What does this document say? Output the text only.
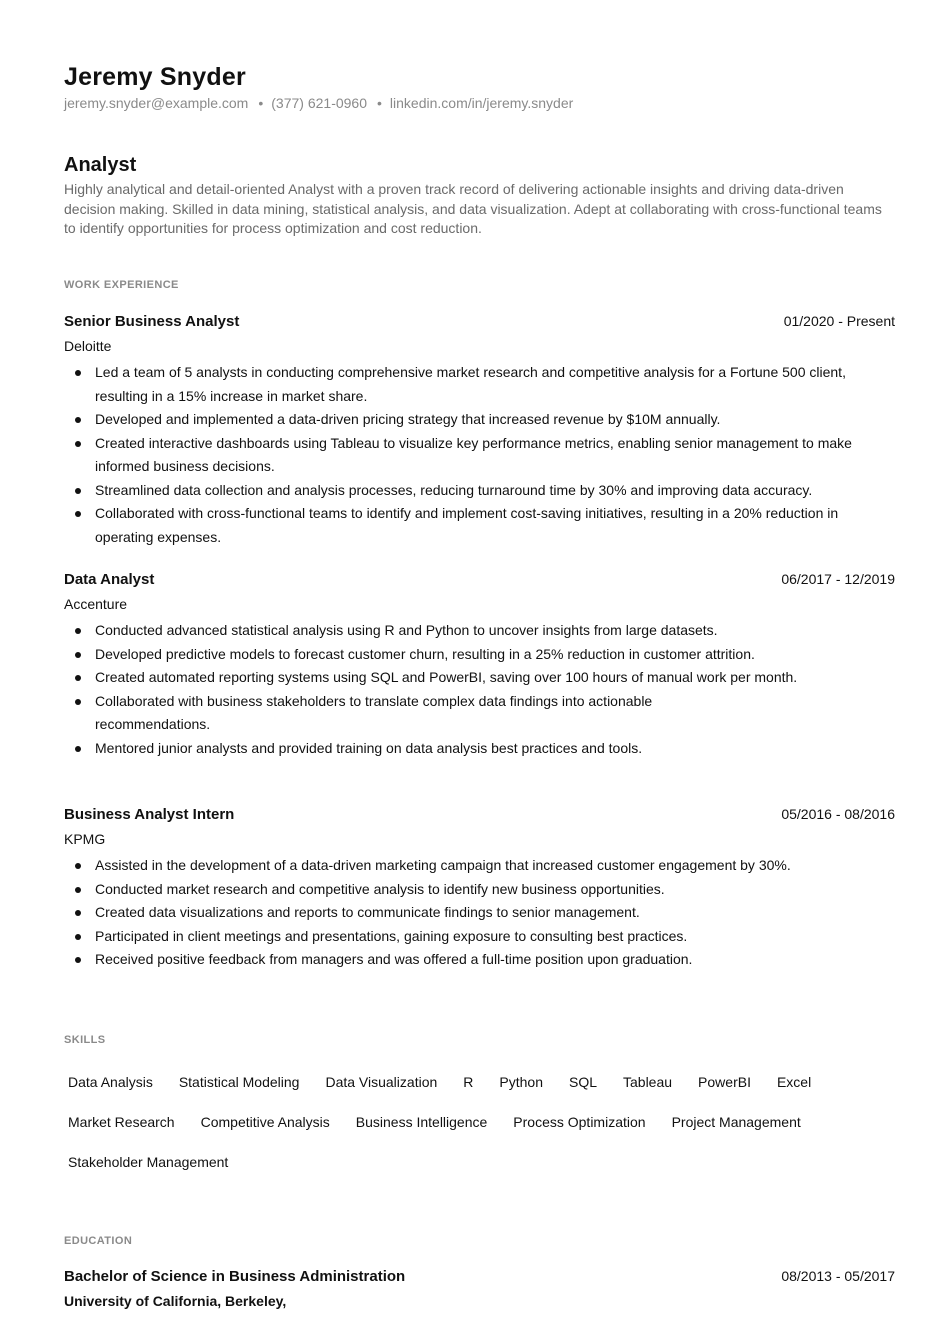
Jeremy Snyder
jeremy.snyder@example.com • (377) 621-0960 • linkedin.com/in/jeremy.snyder
Analyst

Highly analytical and detail-oriented Analyst with a proven track record of delivering actionable insights and driving data-driven decision making. Skilled in data mining, statistical analysis, and data visualization. Adept at collaborating with cross-functional teams to identify opportunities for process optimization and cost reduction.

WORK EXPERIENCE
Senior Business Analyst	01/2020 - Present
Deloitte
Led a team of 5 analysts in conducting comprehensive market research and competitive analysis for a Fortune 500 client, resulting in a 15% increase in market share.
Developed and implemented a data-driven pricing strategy that increased revenue by $10M annually.
Created interactive dashboards using Tableau to visualize key performance metrics, enabling senior management to make informed business decisions.
Streamlined data collection and analysis processes, reducing turnaround time by 30% and improving data accuracy.
Collaborated with cross-functional teams to identify and implement cost-saving initiatives, resulting in a 20% reduction in operating expenses.
Data Analyst	06/2017 - 12/2019
Accenture
Conducted advanced statistical analysis using R and Python to uncover insights from large datasets.
Developed predictive models to forecast customer churn, resulting in a 25% reduction in customer attrition.
Created automated reporting systems using SQL and PowerBI, saving over 100 hours of manual work per month.
Collaborated with business stakeholders to translate complex data findings into actionable recommendations.
Mentored junior analysts and provided training on data analysis best practices and tools.
Business Analyst Intern	05/2016 - 08/2016
KPMG
Assisted in the development of a data-driven marketing campaign that increased customer engagement by 30%.
Conducted market research and competitive analysis to identify new business opportunities.
Created data visualizations and reports to communicate findings to senior management.
Participated in client meetings and presentations, gaining exposure to consulting best practices.
Received positive feedback from managers and was offered a full-time position upon graduation.
SKILLS
Data Analysis Statistical Modeling Data Visualization R Python SQL Tableau PowerBI Excel
Market Research Competitive Analysis Business Intelligence Process Optimization Project Management
Stakeholder Management
EDUCATION
Bachelor of Science in Business Administration	08/2013 - 05/2017
University of California, Berkeley,
